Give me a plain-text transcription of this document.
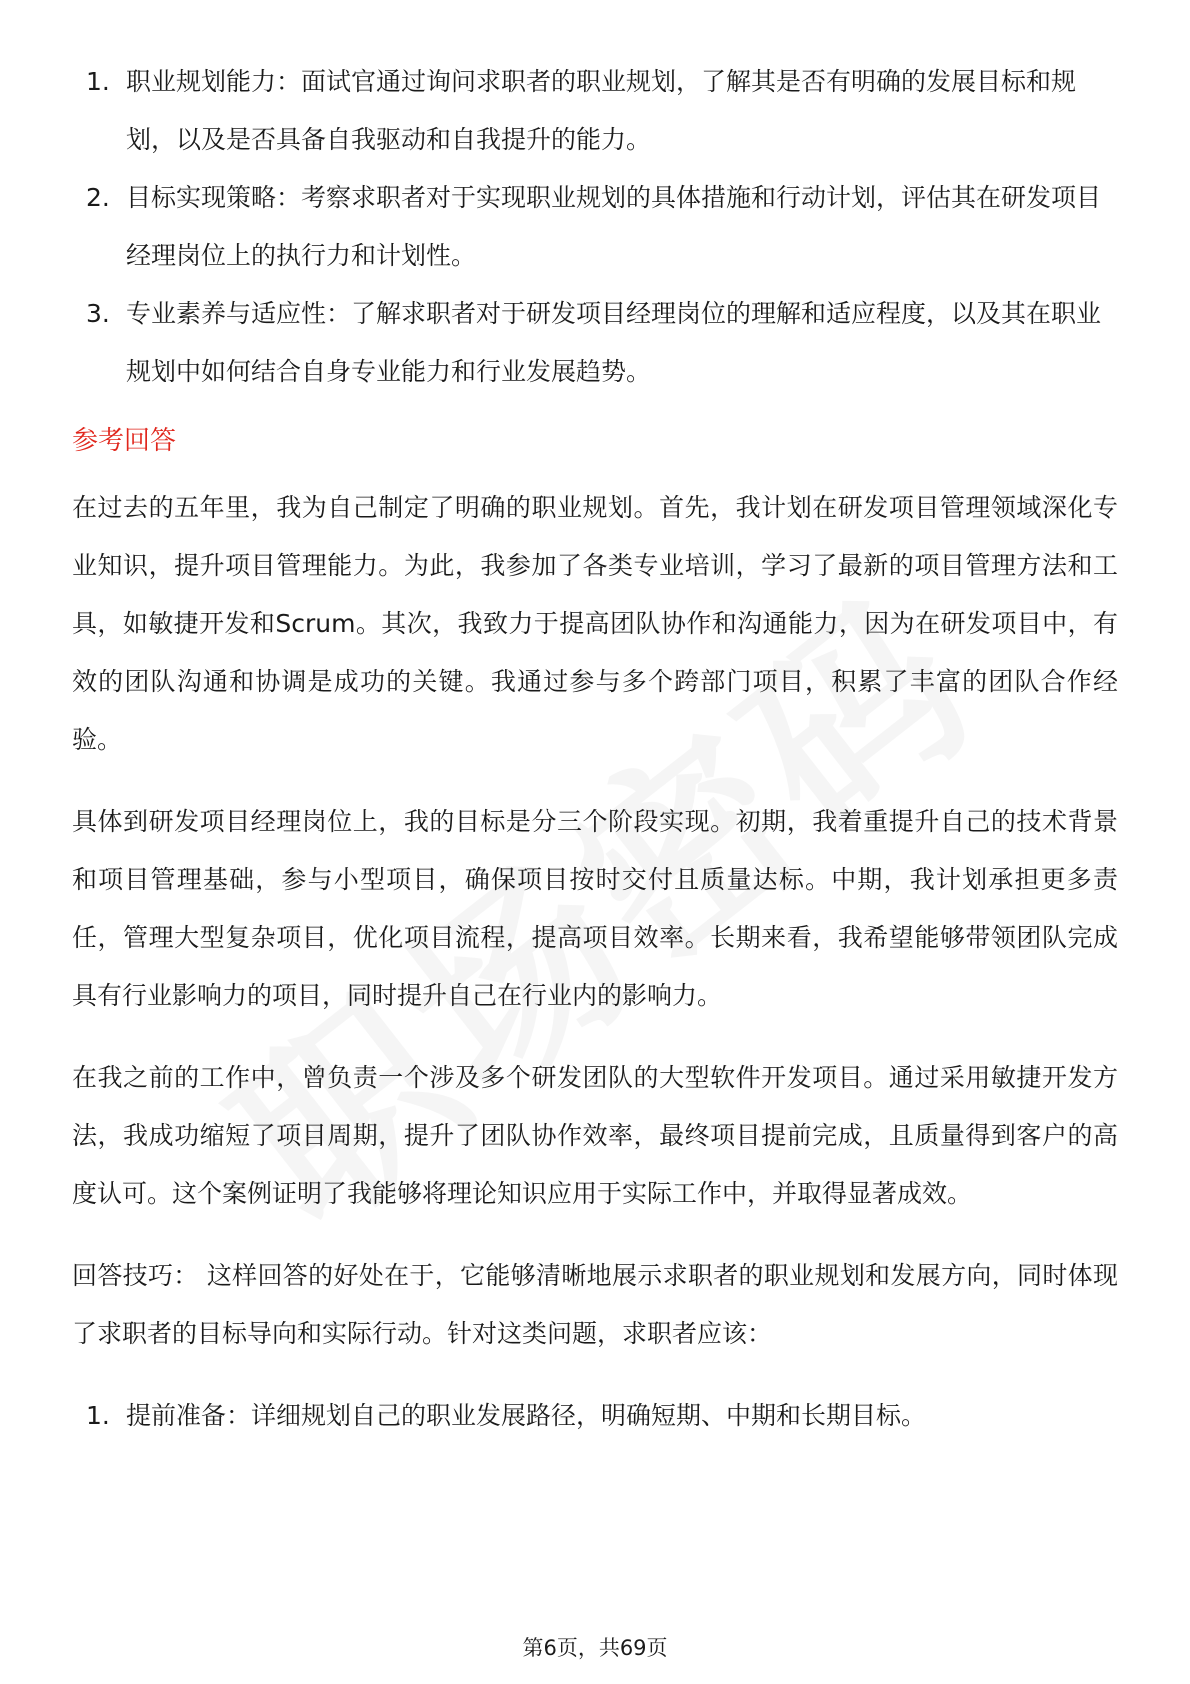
1. 职业规划能力：面试官通过询问求职者的职业规划，了解其是否有明确的发展目标和规划，以及是否具备自我驱动和自我提升的能力。
2. 目标实现策略：考察求职者对于实现职业规划的具体措施和行动计划，评估其在研发项目经理岗位上的执行力和计划性。
3. 专业素养与适应性：了解求职者对于研发项目经理岗位的理解和适应程度，以及其在职业规划中如何结合自身专业能力和行业发展趋势。
参考回答

在过去的五年里，我为自己制定了明确的职业规划。首先，我计划在研发项目管理领域深化专业知识，提升项目管理能力。为此，我参加了各类专业培训，学习了最新的项目管理方法和工具，如敏捷开发和Scrum。其次，我致力于提高团队协作和沟通能力，因为在研发项目中，有效的团队沟通和协调是成功的关键。我通过参与多个跨部门项目，积累了丰富的团队合作经验。

具体到研发项目经理岗位上，我的目标是分三个阶段实现。初期，我着重提升自己的技术背景和项目管理基础，参与小型项目，确保项目按时交付且质量达标。中期，我计划承担更多责任，管理大型复杂项目，优化项目流程，提高项目效率。长期来看，我希望能够带领团队完成具有行业影响力的项目，同时提升自己在行业内的影响力。

在我之前的工作中，曾负责一个涉及多个研发团队的大型软件开发项目。通过采用敏捷开发方法，我成功缩短了项目周期，提升了团队协作效率，最终项目提前完成，且质量得到客户的高度认可。这个案例证明了我能够将理论知识应用于实际工作中，并取得显著成效。

回答技巧： 这样回答的好处在于，它能够清晰地展示求职者的职业规划和发展方向，同时体现了求职者的目标导向和实际行动。针对这类问题，求职者应该：

1. 提前准备：详细规划自己的职业发展路径，明确短期、中期和长期目标。
第6页，共69页
